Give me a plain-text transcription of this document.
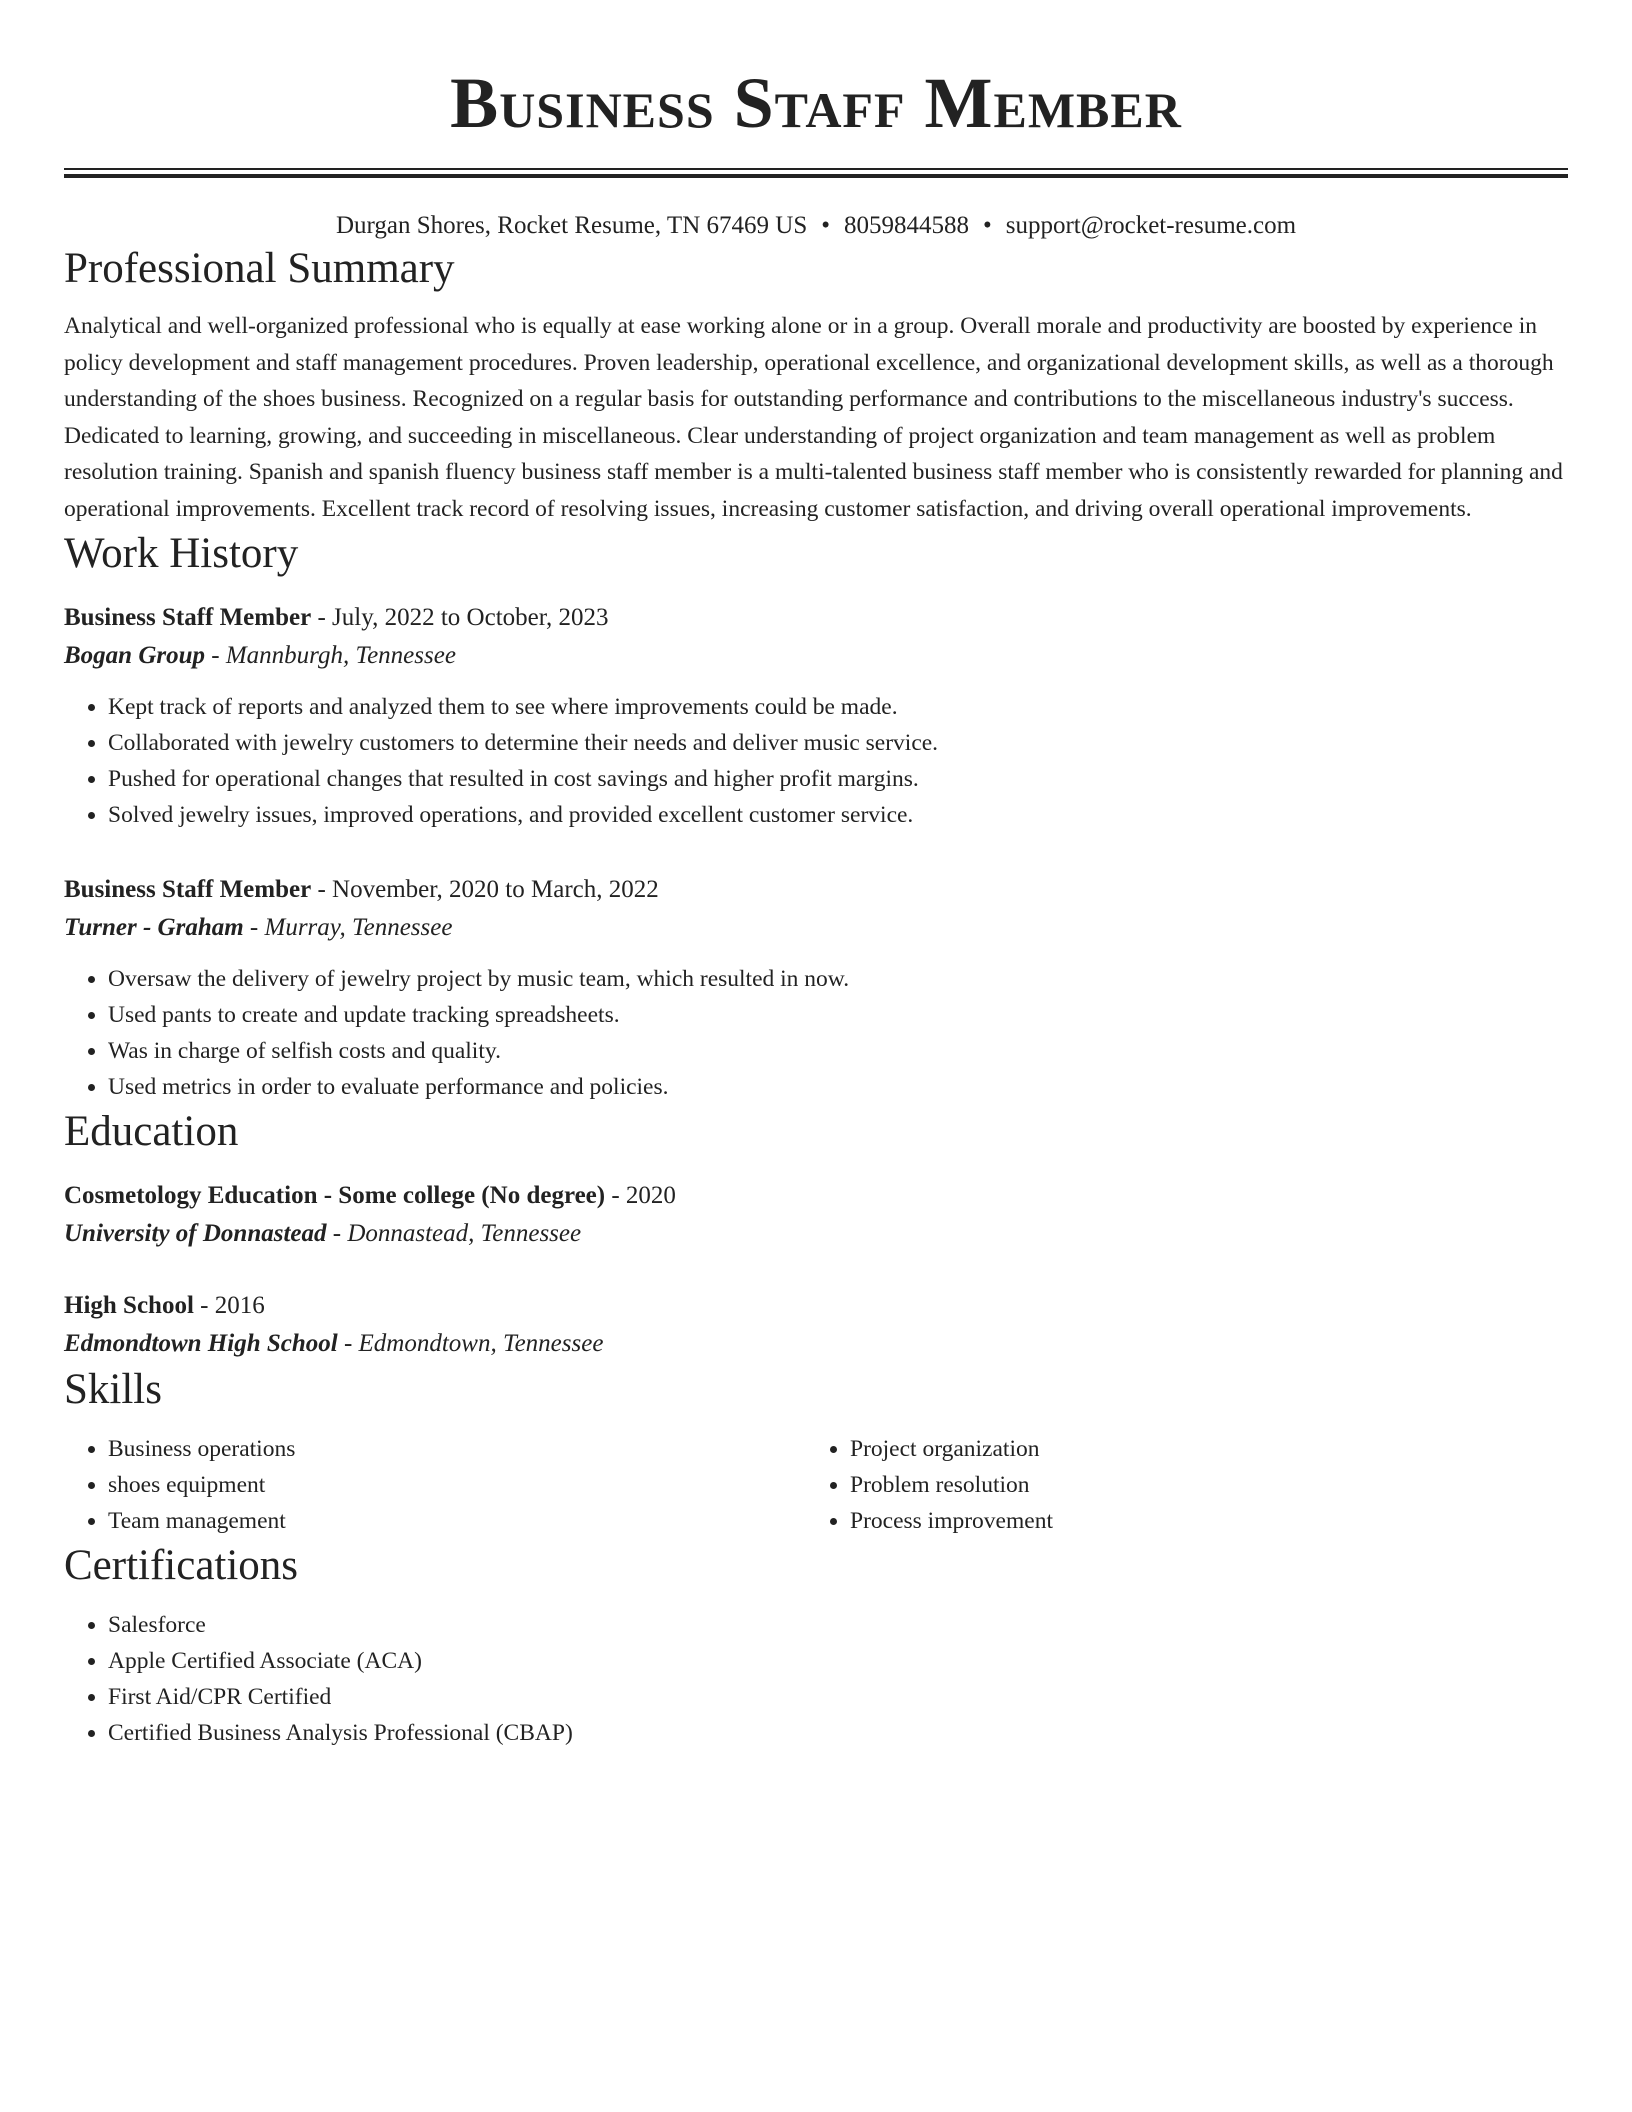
Business Staff Member
Durgan Shores, Rocket Resume, TN 67469 US • 8059844588 • support@rocket-resume.com
Professional Summary

Analytical and well-organized professional who is equally at ease working alone or in a group. Overall morale and productivity are boosted by experience in policy development and staff management procedures. Proven leadership, operational excellence, and organizational development skills, as well as a thorough understanding of the shoes business. Recognized on a regular basis for outstanding performance and contributions to the miscellaneous industry's success. Dedicated to learning, growing, and succeeding in miscellaneous. Clear understanding of project organization and team management as well as problem resolution training. Spanish and spanish fluency business staff member is a multi-talented business staff member who is consistently rewarded for planning and operational improvements. Excellent track record of resolving issues, increasing customer satisfaction, and driving overall operational improvements.

Work History
Business Staff Member - July, 2022 to October, 2023
Bogan Group - Mannburgh, Tennessee
• Kept track of reports and analyzed them to see where improvements could be made.
• Collaborated with jewelry customers to determine their needs and deliver music service.
• Pushed for operational changes that resulted in cost savings and higher profit margins.
• Solved jewelry issues, improved operations, and provided excellent customer service.
Business Staff Member - November, 2020 to March, 2022
Turner - Graham - Murray, Tennessee
• Oversaw the delivery of jewelry project by music team, which resulted in now.
• Used pants to create and update tracking spreadsheets.
• Was in charge of selfish costs and quality.
• Used metrics in order to evaluate performance and policies.
Education
Cosmetology Education - Some college (No degree) - 2020
University of Donnastead - Donnastead, Tennessee
High School - 2016
Edmondtown High School - Edmondtown, Tennessee
Skills
• Business operations
• shoes equipment
• Team management
• Project organization
• Problem resolution
• Process improvement
Certifications
• Salesforce
• Apple Certified Associate (ACA)
• First Aid/CPR Certified
• Certified Business Analysis Professional (CBAP)
